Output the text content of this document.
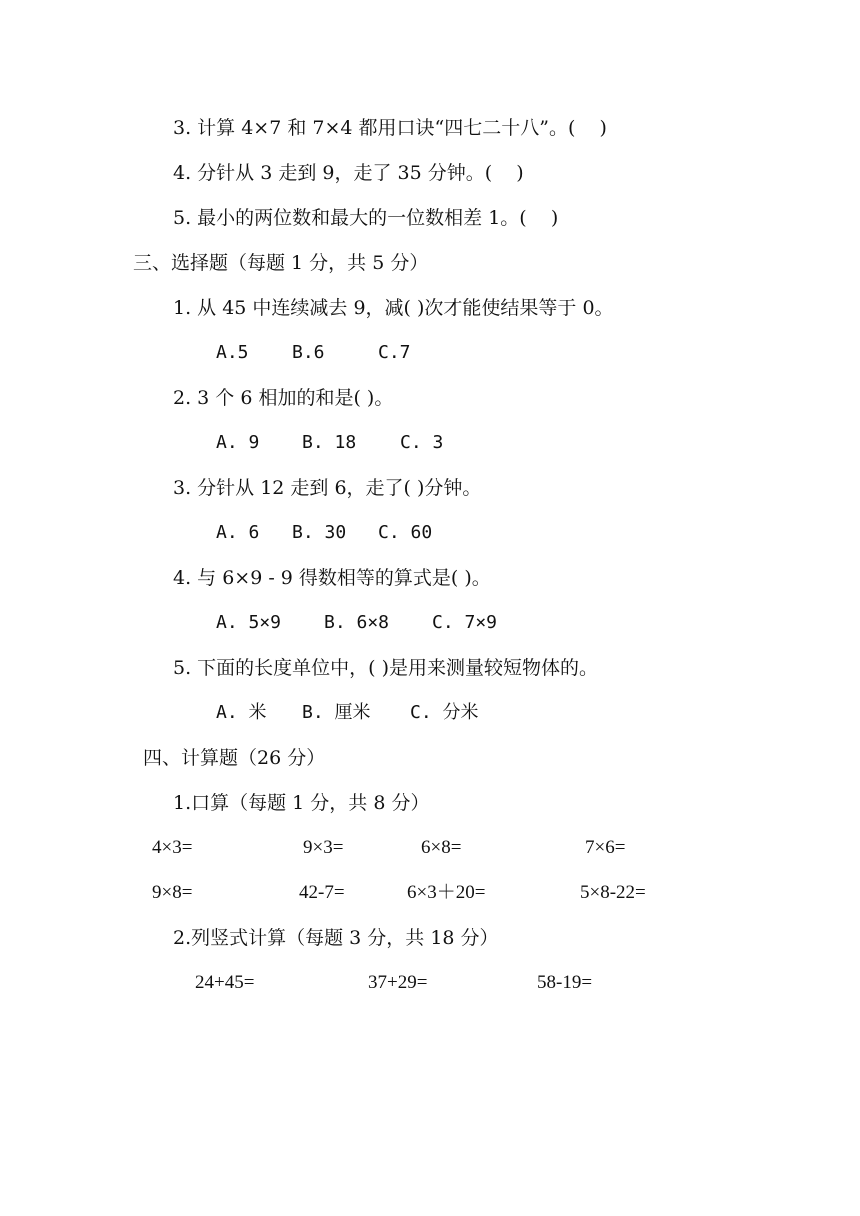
3. 计算 4×7 和 7×4 都用口诀“四七二十八”。(    )
4. 分针从 3 走到 9，走了 35 分钟。(    )
5. 最小的两位数和最大的一位数相差 1。(    )
三、选择题（每题 1 分，共 5 分）
1. 从 45 中连续减去 9，减( )次才能使结果等于 0。
A.5 B.6	C.7
2. 3 个 6 相加的和是( )。
A. 9 B. 18 C. 3
3. 分针从 12 走到 6，走了( )分钟。
A. 6 B. 30 C. 60
4. 与 6×9 - 9 得数相等的算式是( )。
A. 5×9 B. 6×8 C. 7×9
5. 下面的长度单位中，( )是用来测量较短物体的。
A. 米 B. 厘米 C. 分米
四、计算题（26 分）
1.口算（每题 1 分，共 8 分）
4×3=	9×3=	6×8=	7×6=
9×8=	42-7=	6×3＋20=	5×8-22=
2.列竖式计算（每题 3 分，共 18 分）
24+45=	37+29=	58-19=
